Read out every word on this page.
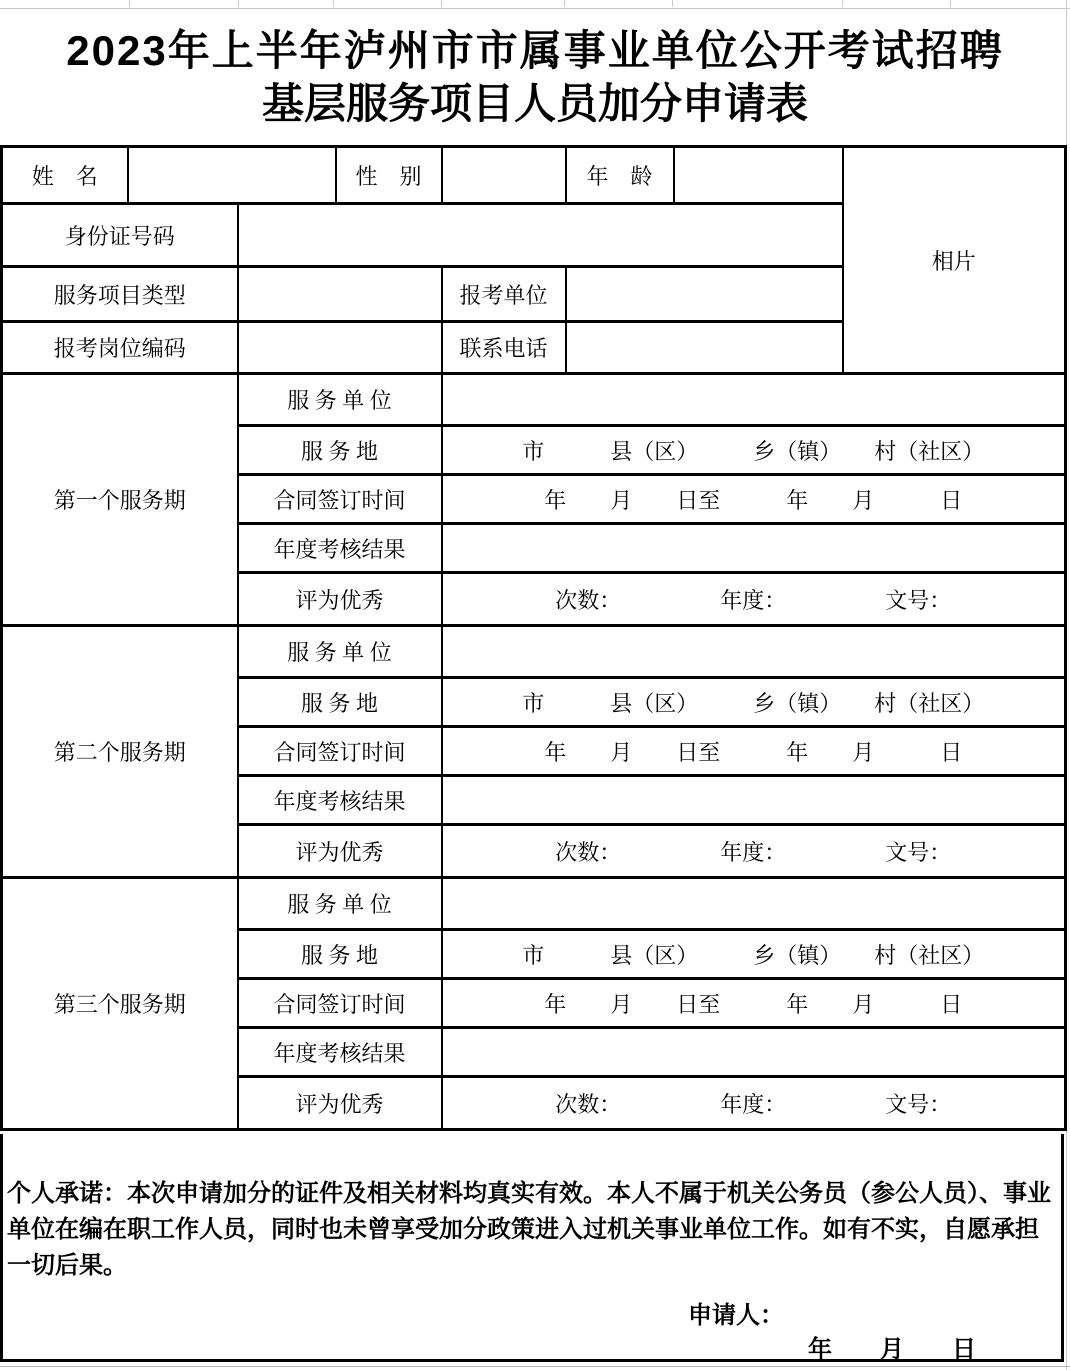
2023年上半年泸州市市属事业单位公开考试招聘
基层服务项目人员加分申请表
姓　名			性　别		年　龄		相片
身份证号码							
服务项目类型				报考单位			
报考岗位编码				联系电话			
第一个服务期		服 务 单 位					
		服 务 地		市　　　县（区）　　　乡（镇）　　村（社区）			
		合同签订时间		年　　月　　日至　　　年　　月　　　日			
		年度考核结果					
		评为优秀		次数：　　　　　年度：　　　　　文号：			
第二个服务期		服 务 单 位					
		服 务 地		市　　　县（区）　　　乡（镇）　　村（社区）			
		合同签订时间		年　　月　　日至　　　年　　月　　　日			
		年度考核结果					
		评为优秀		次数：　　　　　年度：　　　　　文号：			
第三个服务期		服 务 单 位					
		服 务 地		市　　　县（区）　　　乡（镇）　　村（社区）			
		合同签订时间		年　　月　　日至　　　年　　月　　　日			
		年度考核结果					
		评为优秀		次数：　　　　　年度：　　　　　文号：			

个人承诺：本次申请加分的证件及相关材料均真实有效。本人不属于机关公务员（参公人员）、事业单位在编在职工作人员，同时也未曾享受加分政策进入过机关事业单位工作。如有不实，自愿承担一切后果。

申请人：
年　　月　　日
